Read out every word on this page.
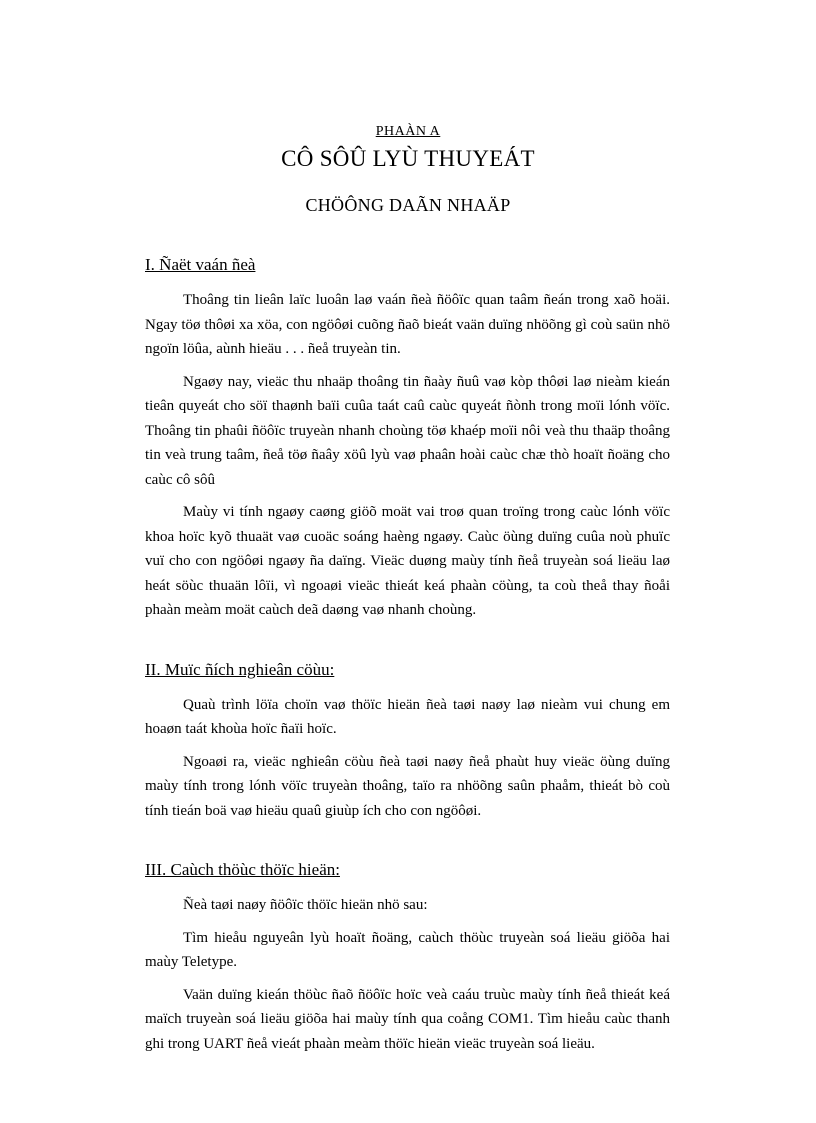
PHAÀN A
CÔ SÔÛ LYÙ THUYEÁT
CHÖÔNG DAÃN NHAÄP
I. Ñaët vaán ñeà

Thoâng tin lieân laïc luoân laø vaán ñeà ñöôïc quan taâm ñeán trong xaõ hoäi. Ngay töø thôøi xa xöa, con ngöôøi cuõng ñaõ bieát vaän duïng nhöõng gì coù saün nhö ngoïn löûa, aùnh hieäu . . . ñeå truyeàn tin.

Ngaøy nay, vieäc thu nhaäp thoâng tin ñaày ñuû vaø kòp thôøi laø nieàm kieán tieân quyeát cho söï thaønh baïi cuûa taát caû caùc quyeát ñònh trong moïi lónh vöïc. Thoâng tin phaûi ñöôïc truyeàn nhanh choùng töø khaép moïi nôi veà thu thaäp thoâng tin veà trung taâm, ñeå töø ñaây xöû lyù vaø phaân hoài caùc chæ thò hoaït ñoäng cho caùc cô sôû

Maùy vi tính ngaøy caøng giöõ moät vai troø quan troïng trong caùc lónh vöïc khoa hoïc kyõ thuaät vaø cuoäc soáng haèng ngaøy. Caùc öùng duïng cuûa noù phuïc vuï cho con ngöôøi ngaøy ña daïng. Vieäc duøng maùy tính ñeå truyeàn soá lieäu laø heát söùc thuaän lôïi, vì ngoaøi vieäc thieát keá phaàn cöùng, ta coù theå thay ñoåi phaàn meàm moät caùch deã daøng vaø nhanh choùng.

II. Muïc ñích nghieân cöùu:

Quaù trình löïa choïn vaø thöïc hieän ñeà taøi naøy laø nieàm vui chung em hoaøn taát khoùa hoïc ñaïi hoïc.

Ngoaøi ra, vieäc nghieân cöùu ñeà taøi naøy ñeå phaùt huy vieäc öùng duïng maùy tính trong lónh vöïc truyeàn thoâng, taïo ra nhöõng saûn phaåm, thieát bò coù tính tieán boä vaø hieäu quaû giuùp ích cho con ngöôøi.

III. Caùch thöùc thöïc hieän:

Ñeà taøi naøy ñöôïc thöïc hieän nhö sau:

Tìm hieåu nguyeân lyù hoaït ñoäng, caùch thöùc truyeàn soá lieäu giöõa hai maùy Teletype.

Vaän duïng kieán thöùc ñaõ ñöôïc hoïc veà caáu truùc maùy tính ñeå thieát keá maïch truyeàn soá lieäu giöõa hai maùy tính qua coång COM1. Tìm hieåu caùc thanh ghi trong UART ñeå vieát phaàn meàm thöïc hieän vieäc truyeàn soá lieäu.
